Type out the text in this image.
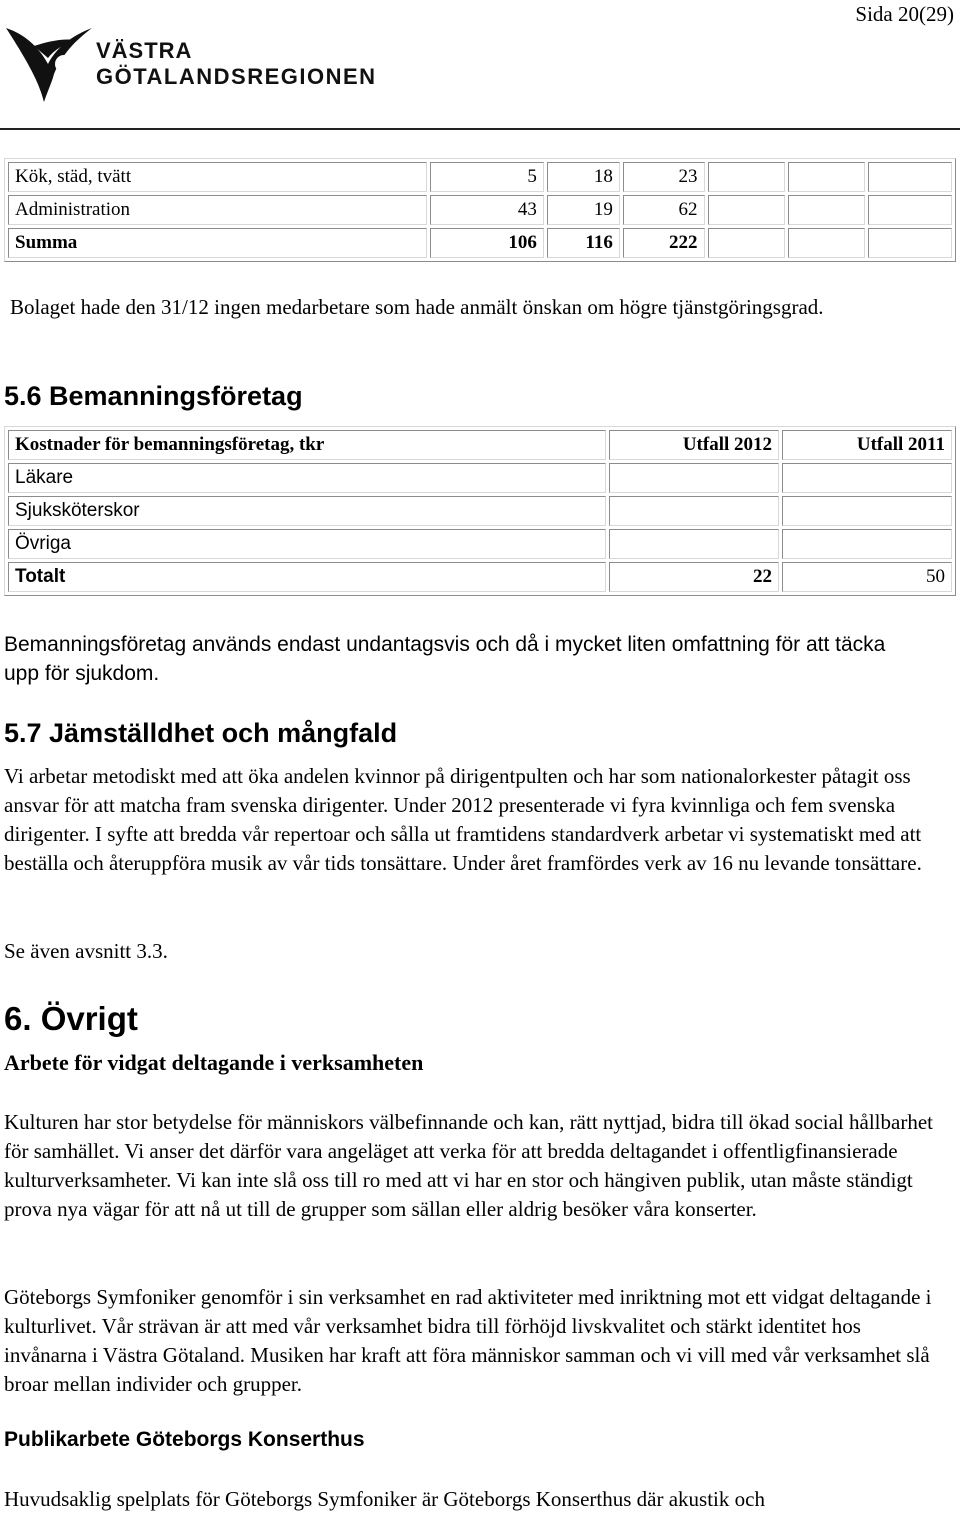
Sida 20(29)
VÄSTRA
GÖTALANDSREGIONEN
Kök, städ, tvätt	5	18	23			
Administration	43	19	62			
Summa	106	116	222			

Bolaget hade den 31/12 ingen medarbetare som hade anmält önskan om högre tjänstgöringsgrad.

5.6 Bemanningsföretag
Kostnader för bemanningsföretag, tkr	Utfall 2012	Utfall 2011
Läkare		
Sjuksköterskor		
Övriga		
Totalt	22	50

Bemanningsföretag används endast undantagsvis och då i mycket liten omfattning för att täcka upp för sjukdom.

5.7 Jämställdhet och mångfald

Vi arbetar metodiskt med att öka andelen kvinnor på dirigentpulten och har som nationalorkester påtagit oss ansvar för att matcha fram svenska dirigenter. Under 2012 presenterade vi fyra kvinnliga och fem svenska dirigenter. I syfte att bredda vår repertoar och sålla ut framtidens standardverk arbetar vi systematiskt med att beställa och återuppföra musik av vår tids tonsättare. Under året framfördes verk av 16 nu levande tonsättare.

Se även avsnitt 3.3.

6. Övrigt
Arbete för vidgat deltagande i verksamheten

Kulturen har stor betydelse för människors välbefinnande och kan, rätt nyttjad, bidra till ökad social hållbarhet för samhället. Vi anser det därför vara angeläget att verka för att bredda deltagandet i offentligfinansierade kulturverksamheter. Vi kan inte slå oss till ro med att vi har en stor och hängiven publik, utan måste ständigt prova nya vägar för att nå ut till de grupper som sällan eller aldrig besöker våra konserter.

Göteborgs Symfoniker genomför i sin verksamhet en rad aktiviteter med inriktning mot ett vidgat deltagande i kulturlivet. Vår strävan är att med vår verksamhet bidra till förhöjd livskvalitet och stärkt identitet hos invånarna i Västra Götaland. Musiken har kraft att föra människor samman och vi vill med vår verksamhet slå broar mellan individer och grupper.

Publikarbete Göteborgs Konserthus

Huvudsaklig spelplats för Göteborgs Symfoniker är Göteborgs Konserthus där akustik och
